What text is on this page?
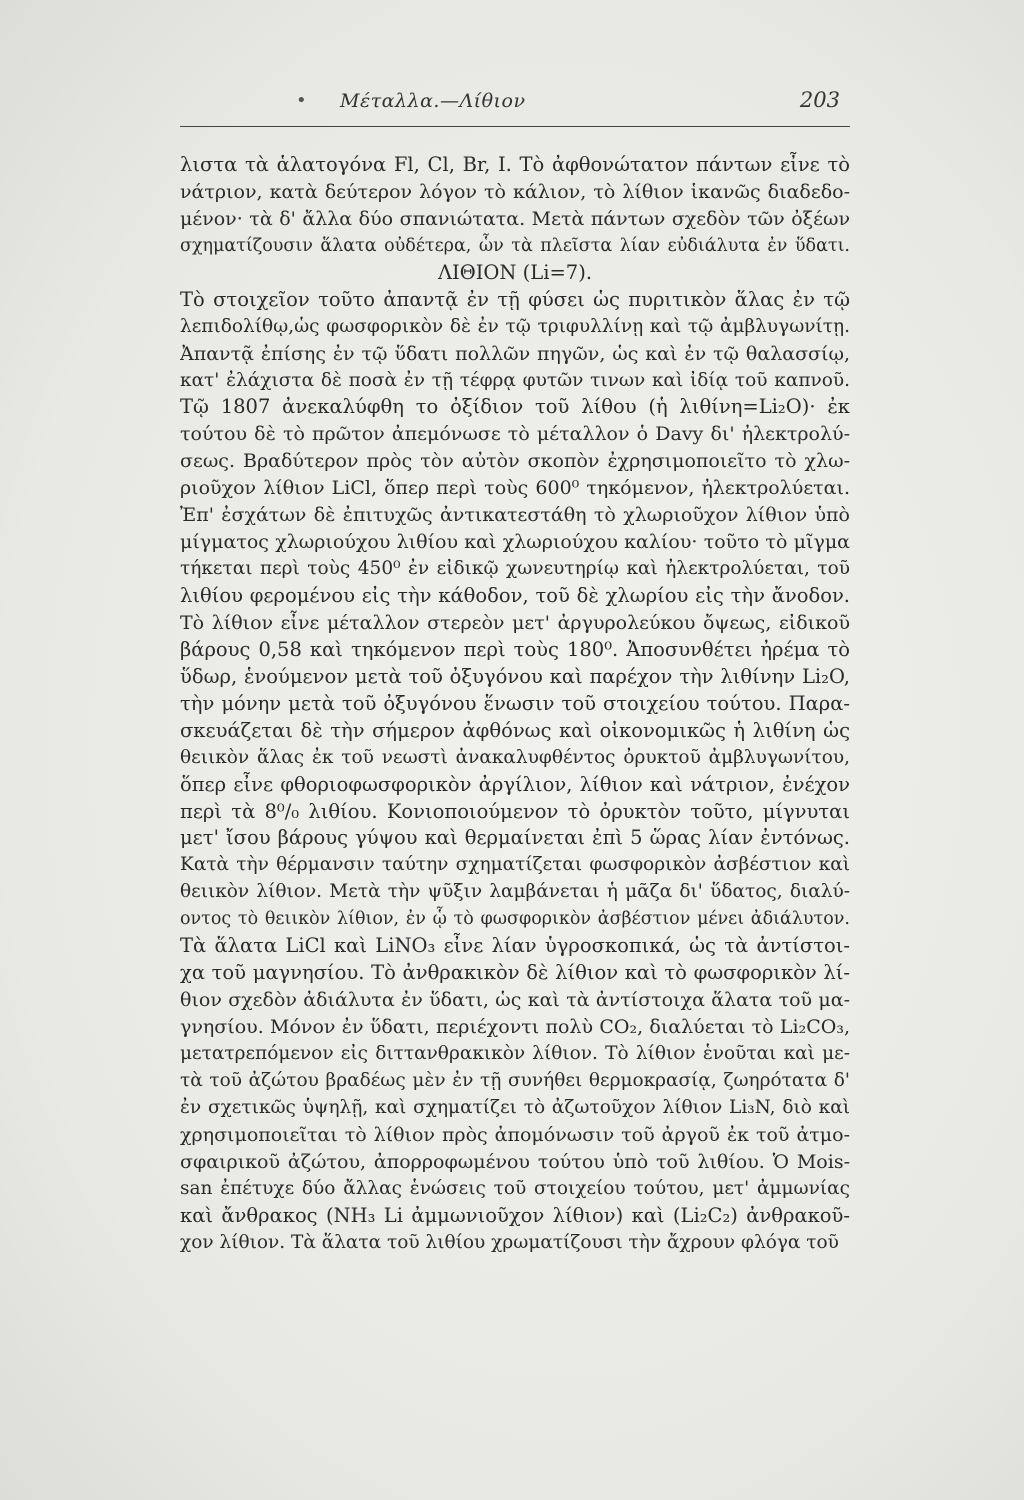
• Μέταλλα.—Λίθιον	203
λιστα τὰ ἁλατογόνα Fl, Cl, Br, I. Τὸ ἀφθονώτατον πάντων εἶνε τὸ
νάτριον, κατὰ δεύτερον λόγον τὸ κάλιον, τὸ λίθιον ἱκανῶς διαδεδο-
μένον· τὰ δ' ἄλλα δύο σπανιώτατα. Μετὰ πάντων σχεδὸν τῶν ὀξέων
σχηματίζουσιν ἅλατα οὐδέτερα, ὧν τὰ πλεῖστα λίαν εὐδιάλυτα ἐν ὕδατι.
ΛΙΘΙΟΝ (Li=7).
Τὸ στοιχεῖον τοῦτο ἀπαντᾷ ἐν τῇ φύσει ὡς πυριτικὸν ἅλας ἐν τῷ
λεπιδολίθῳ,ὡς φωσφορικὸν δὲ ἐν τῷ τριφυλλίνῃ καὶ τῷ ἀμβλυγωνίτῃ.
Ἀπαντᾷ ἐπίσης ἐν τῷ ὕδατι πολλῶν πηγῶν, ὡς καὶ ἐν τῷ θαλασσίῳ,
κατ' ἐλάχιστα δὲ ποσὰ ἐν τῇ τέφρᾳ φυτῶν τινων καὶ ἰδίᾳ τοῦ καπνοῦ.
Τῷ 1807 ἀνεκαλύφθη το ὀξίδιον τοῦ λίθου (ἡ λιθίνη=Li₂O)· ἐκ
τούτου δὲ τὸ πρῶτον ἀπεμόνωσε τὸ μέταλλον ὁ Davy δι' ἠλεκτρολύ-
σεως. Βραδύτερον πρὸς τὸν αὐτὸν σκοπὸν ἐχρησιμοποιεῖτο τὸ χλω-
ριοῦχον λίθιον LiCl, ὅπερ περὶ τοὺς 600⁰ τηκόμενον, ἠλεκτρολύεται.
Ἐπ' ἐσχάτων δὲ ἐπιτυχῶς ἀντικατεστάθη τὸ χλωριοῦχον λίθιον ὑπὸ
μίγματος χλωριούχου λιθίου καὶ χλωριούχου καλίου· τοῦτο τὸ μῖγμα
τήκεται περὶ τοὺς 450⁰ ἐν εἰδικῷ χωνευτηρίῳ καὶ ἠλεκτρολύεται, τοῦ
λιθίου φερομένου εἰς τὴν κάθοδον, τοῦ δὲ χλωρίου εἰς τὴν ἄνοδον.
Τὸ λίθιον εἶνε μέταλλον στερεὸν μετ' ἀργυρολεύκου ὄψεως, εἰδικοῦ
βάρους 0,58 καὶ τηκόμενον περὶ τοὺς 180⁰. Ἀποσυνθέτει ἠρέμα τὸ
ὕδωρ, ἑνούμενον μετὰ τοῦ ὀξυγόνου καὶ παρέχον τὴν λιθίνην Li₂O,
τὴν μόνην μετὰ τοῦ ὀξυγόνου ἕνωσιν τοῦ στοιχείου τούτου. Παρα-
σκευάζεται δὲ τὴν σήμερον ἀφθόνως καὶ οἰκονομικῶς ἡ λιθίνη ὡς
θειικὸν ἅλας ἐκ τοῦ νεωστὶ ἀνακαλυφθέντος ὀρυκτοῦ ἀμβλυγωνίτου,
ὅπερ εἶνε φθοριοφωσφορικὸν ἀργίλιον, λίθιον καὶ νάτριον, ἐνέχον
περὶ τὰ 8⁰/₀ λιθίου. Κονιοποιούμενον τὸ ὀρυκτὸν τοῦτο, μίγνυται
μετ' ἴσου βάρους γύψου καὶ θερμαίνεται ἐπὶ 5 ὥρας λίαν ἐντόνως.
Κατὰ τὴν θέρμανσιν ταύτην σχηματίζεται φωσφορικὸν ἀσβέστιον καὶ
θειικὸν λίθιον. Μετὰ τὴν ψῦξιν λαμβάνεται ἡ μᾶζα δι' ὕδατος, διαλύ-
οντος τὸ θειικὸν λίθιον, ἐν ᾧ τὸ φωσφορικὸν ἀσβέστιον μένει ἀδιάλυτον.
Τὰ ἅλατα LiCl καὶ LiNO₃ εἶνε λίαν ὑγροσκοπικά, ὡς τὰ ἀντίστοι-
χα τοῦ μαγνησίου. Τὸ ἀνθρακικὸν δὲ λίθιον καὶ τὸ φωσφορικὸν λί-
θιον σχεδὸν ἀδιάλυτα ἐν ὕδατι, ὡς καὶ τὰ ἀντίστοιχα ἅλατα τοῦ μα-
γνησίου. Μόνον ἐν ὕδατι, περιέχοντι πολὺ CO₂, διαλύεται τὸ Li₂CO₃,
μετατρεπόμενον εἰς διττανθρακικὸν λίθιον. Τὸ λίθιον ἑνοῦται καὶ με-
τὰ τοῦ ἀζώτου βραδέως μὲν ἐν τῇ συνήθει θερμοκρασίᾳ, ζωηρότατα δ'
ἐν σχετικῶς ὑψηλῇ, καὶ σχηματίζει τὸ ἀζωτοῦχον λίθιον Li₃N, διὸ καὶ
χρησιμοποιεῖται τὸ λίθιον πρὸς ἀπομόνωσιν τοῦ ἀργοῦ ἐκ τοῦ ἀτμο-
σφαιρικοῦ ἀζώτου, ἀπορροφωμένου τούτου ὑπὸ τοῦ λιθίου. Ὁ Mois-
san ἐπέτυχε δύο ἄλλας ἑνώσεις τοῦ στοιχείου τούτου, μετ' ἀμμωνίας
καὶ ἄνθρακος (NH₃ Li ἀμμωνιοῦχον λίθιον) καὶ (Li₂C₂) ἀνθρακοῦ-
χον λίθιον. Τὰ ἅλατα τοῦ λιθίου χρωματίζουσι τὴν ἄχρουν φλόγα τοῦ
